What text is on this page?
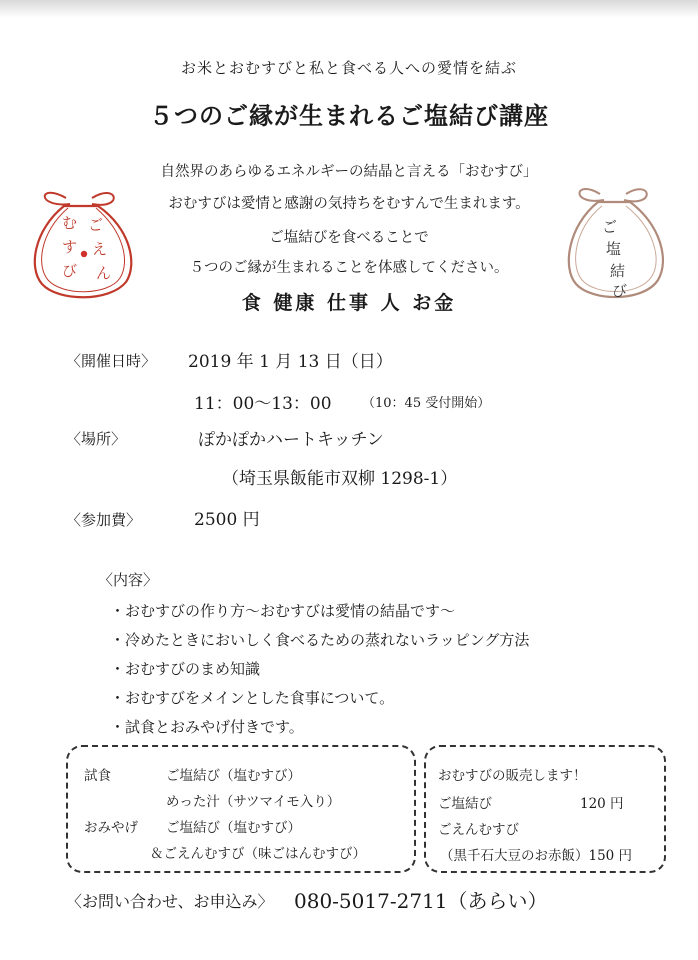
お米とおむすびと私と食べる人への愛情を結ぶ
５つのご縁が生まれるご塩結び講座
自然界のあらゆるエネルギーの結晶と言える「おむすび」
おむすびは愛情と感謝の気持ちをむすんで生まれます。
ご塩結びを食べることで
５つのご縁が生まれることを体感してください。
食 健康 仕事 人 お金
む
す
び
ご
え
ん
ご
塩
結
び
〈開催日時〉 2019 年 1 月 13 日（日）
11：00〜13：00 （10：45 受付開始）
〈場所〉	ぽかぽかハートキッチン
（埼玉県飯能市双柳 1298-1）
〈参加費〉	2500 円
〈内容〉
・おむすびの作り方〜おむすびは愛情の結晶です〜
・冷めたときにおいしく食べるための蒸れないラッピング方法
・おむすびのまめ知識
・おむすびをメインとした食事について。
・試食とおみやげ付きです。
試食	ご塩結び（塩むすび）
めった汁（サツマイモ入り）
おみやげ ご塩結び（塩むすび）
＆ごえんむすび（味ごはんむすび）
おむすびの販売します！
ご塩結び	120 円
ごえんむすび
（黒千石大豆のお赤飯）150 円
〈お問い合わせ、お申込み〉 080-5017-2711（あらい）
